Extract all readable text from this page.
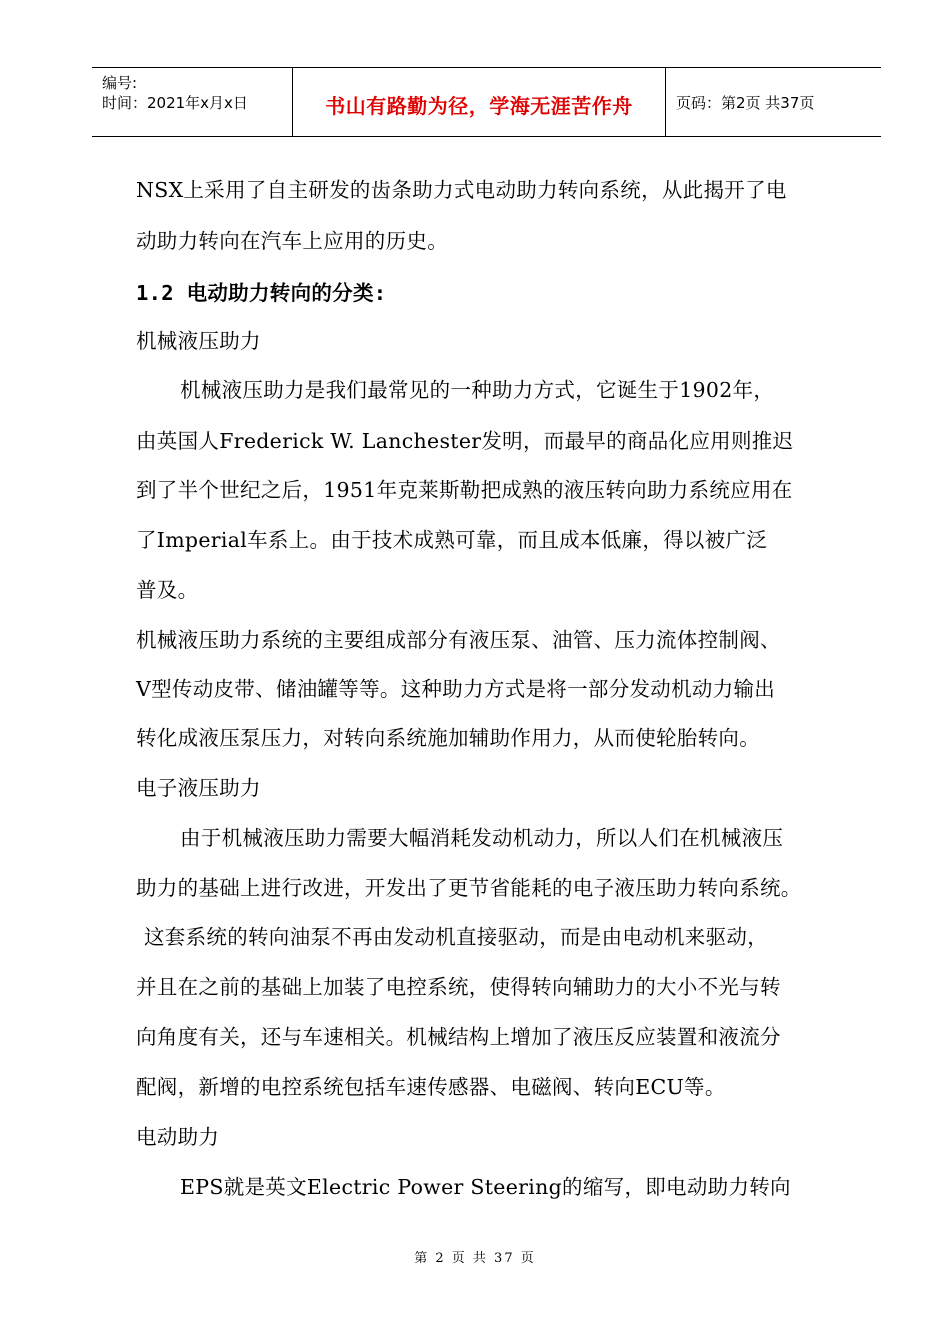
编号:
时间：2021年x月x日	书山有路勤为径，学海无涯苦作舟	页码：第2页 共37页
NSX上采用了自主研发的齿条助力式电动助力转向系统，从此揭开了电
动助力转向在汽车上应用的历史。
1.2 电动助力转向的分类:
机械液压助力
机械液压助力是我们最常见的一种助力方式，它诞生于1902年，
由英国人Frederick W. Lanchester发明，而最早的商品化应用则推迟
到了半个世纪之后，1951年克莱斯勒把成熟的液压转向助力系统应用在
了Imperial车系上。由于技术成熟可靠，而且成本低廉，得以被广泛
普及。
机械液压助力系统的主要组成部分有液压泵、油管、压力流体控制阀、
V型传动皮带、储油罐等等。这种助力方式是将一部分发动机动力输出
转化成液压泵压力，对转向系统施加辅助作用力，从而使轮胎转向。
电子液压助力
由于机械液压助力需要大幅消耗发动机动力，所以人们在机械液压
助力的基础上进行改进，开发出了更节省能耗的电子液压助力转向系统。
这套系统的转向油泵不再由发动机直接驱动，而是由电动机来驱动，
并且在之前的基础上加装了电控系统，使得转向辅助力的大小不光与转
向角度有关，还与车速相关。机械结构上增加了液压反应装置和液流分
配阀，新增的电控系统包括车速传感器、电磁阀、转向ECU等。
电动助力
EPS就是英文Electric Power Steering的缩写，即电动助力转向
第 2 页 共 37 页
